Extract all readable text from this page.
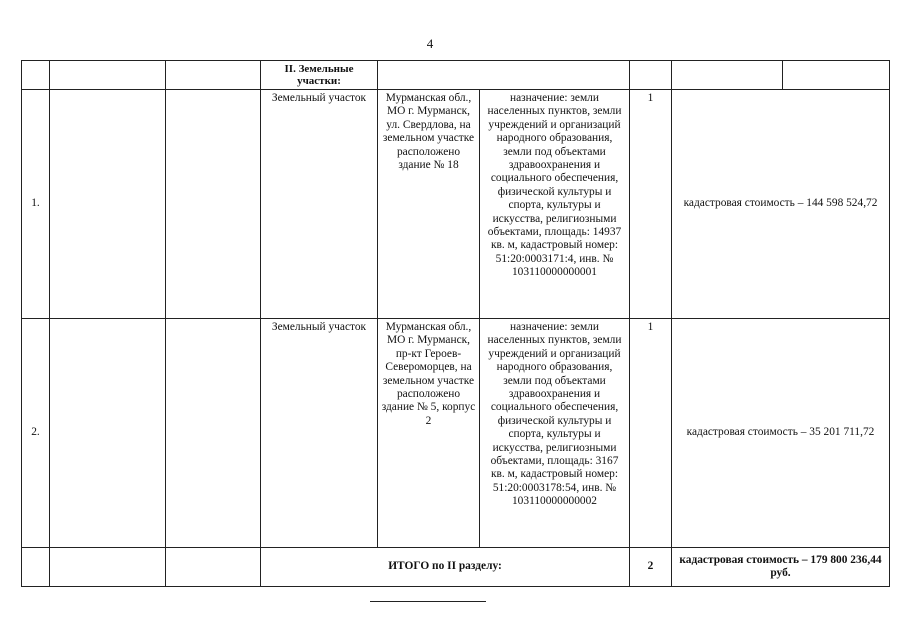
4
			II. Земельные участки:				

1.			Земельный участок	Мурманская обл., МО г. Мурманск, ул. Свердлова, на земельном участке расположено здание № 18	назначение: земли населенных пунктов, земли учреждений и организаций народного образования, земли под объектами здравоохранения и социального обеспечения, физической культуры и спорта, культуры и искусства, религиозными объектами, площадь: 14937 кв. м, кадастровый номер: 51:20:0003171:4, инв. № 103110000000001	1	кадастровая стоимость – 144 598 524,72
2.			Земельный участок	Мурманская обл., МО г. Мурманск, пр-кт Героев-Североморцев, на земельном участке расположено здание № 5, корпус 2	назначение: земли населенных пунктов, земли учреждений и организаций народного образования, земли под объектами здравоохранения и социального обеспечения, физической культуры и спорта, культуры и искусства, религиозными объектами, площадь: 3167 кв. м, кадастровый номер: 51:20:0003178:54, инв. № 103110000000002	1	кадастровая стоимость – 35 201 711,72
			ИТОГО по II разделу:			2	кадастровая стоимость – 179 800 236,44 руб.
